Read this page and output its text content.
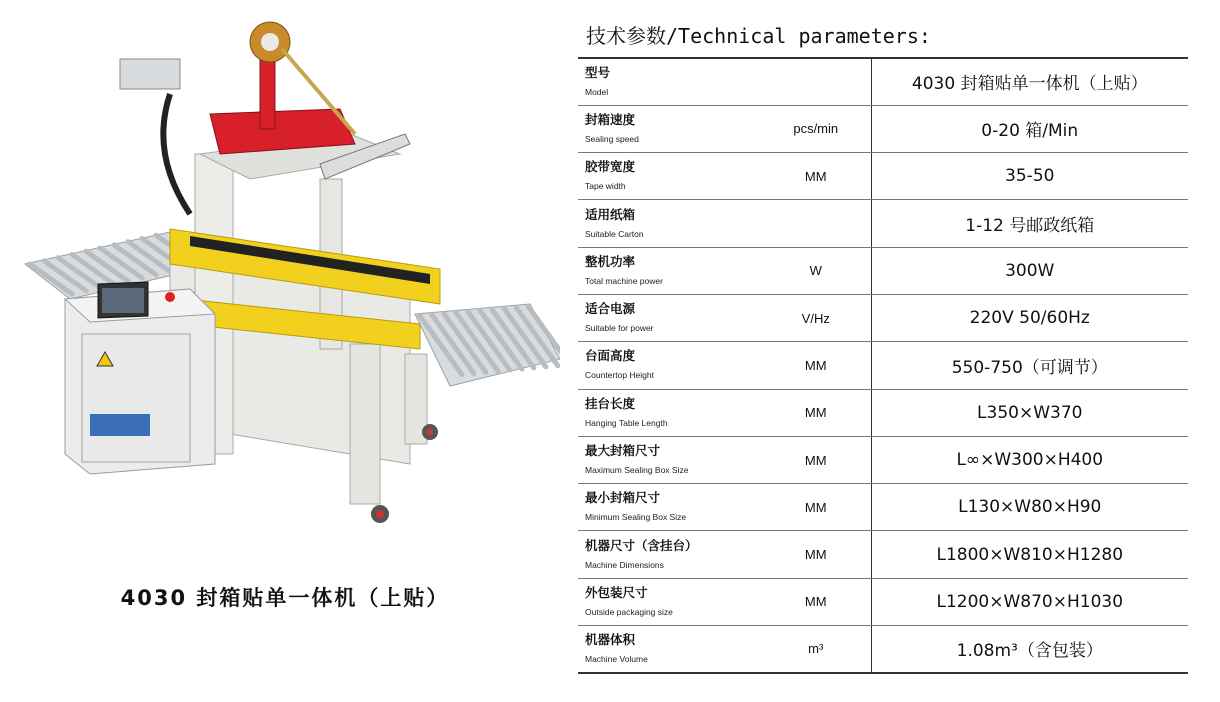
4030 封箱贴单一体机（上贴）
技术参数/Technical parameters:
型号
Model		4030 封箱贴单一体机（上贴）

封箱速度
Sealing speed	pcs/min	0-20 箱/Min

胶带宽度
Tape width	MM	35-50

适用纸箱
Suitable Carton		1-12 号邮政纸箱

整机功率
Total machine power	W	300W

适合电源
Suitable for power	V/Hz	220V 50/60Hz

台面高度
Countertop Height	MM	550-750（可调节）

挂台长度
Hanging Table Length	MM	L350×W370

最大封箱尺寸
Maximum Sealing Box Size	MM	L∞×W300×H400

最小封箱尺寸
Minimum Sealing Box Size	MM	L130×W80×H90

机器尺寸（含挂台）
Machine Dimensions	MM	L1800×W810×H1280

外包装尺寸
Outside packaging size	MM	L1200×W870×H1030

机器体积
Machine Volume	m³	1.08m³（含包装）
